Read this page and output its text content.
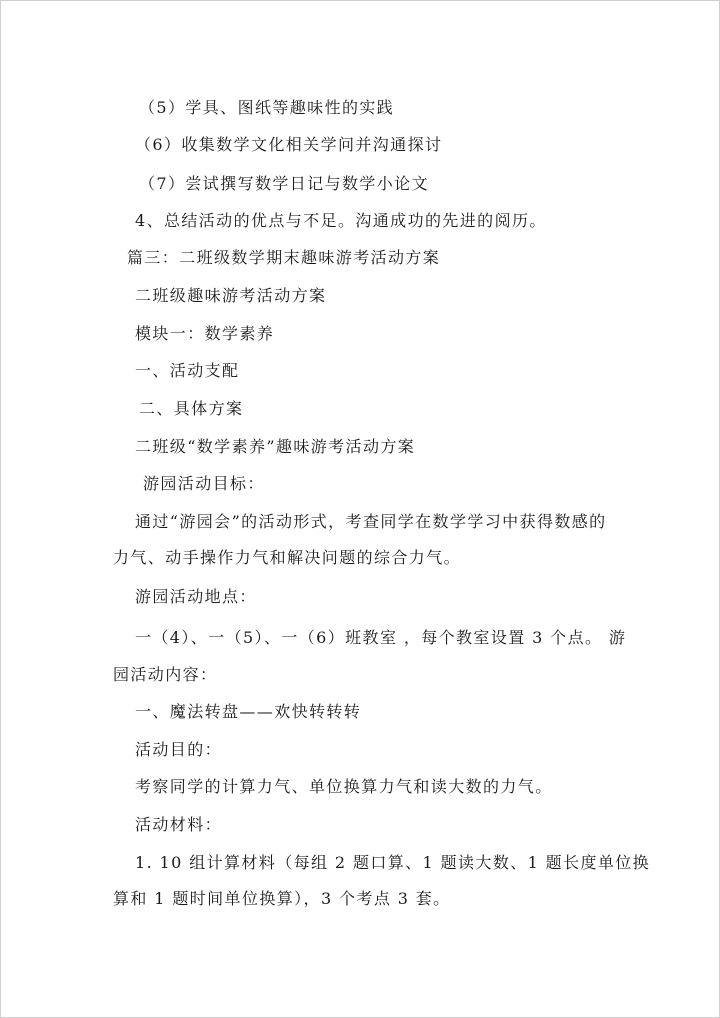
（5）学具、图纸等趣味性的实践
（6）收集数学文化相关学问并沟通探讨
（7）尝试撰写数学日记与数学小论文
4、总结活动的优点与不足。沟通成功的先进的阅历。
篇三：二班级数学期末趣味游考活动方案
二班级趣味游考活动方案
模块一：数学素养
一、活动支配
二、具体方案
二班级“数学素养”趣味游考活动方案
游园活动目标：
通过“游园会”的活动形式，考查同学在数学学习中获得数感的
力气、动手操作力气和解决问题的综合力气。
游园活动地点：
一（4）、一（5）、一（6）班教室 ，每个教室设置 3 个点。 游
园活动内容：
一、魔法转盘——欢快转转转
活动目的：
考察同学的计算力气、单位换算力气和读大数的力气。
活动材料：
1. 10 组计算材料（每组 2 题口算、1 题读大数、1 题长度单位换
算和 1 题时间单位换算），3 个考点 3 套。
